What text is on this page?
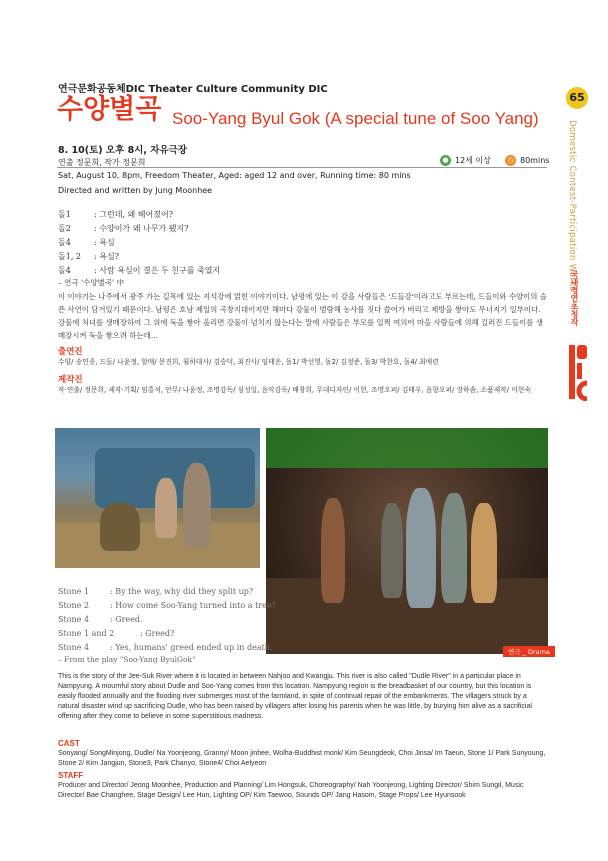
연극문화공동체DIC Theater Culture Community DIC
수양별곡 Soo-Yang Byul Gok (A special tune of Soo Yang)
8. 10(토) 오후 8시, 자유극장
연출 정문희, 작가 정문희	● 12세 이상	◷ 80mins
Sat, August 10, 8pm, Freedom Theater, Aged: aged 12 and over, Running time: 80 mins
Directed and written by Jung Moonhee
돌1	: 그런데, 왜 헤어졌어?
돌2	: 수양이가 왜 나무가 됐지?
돌4	: 욕심
돌1, 2 : 욕심?
돌4	: 사람 욕심이 결은 두 친구를 죽였지
– 연극 '수양별곡' 中
이 이야기는 나주에서 광주 가는 길목에 있는 지석강에 얽힌 이야기이다. 남평에 있는 이 강을 사람들은 '드들강'이라고도 부르는데, 드들이와 수양이의 슬픈 사연이 담겨있기 때문이다. 남평은 호남 제일의 곡창지대이지만 해마다 강물이 범람해 농사를 짓다 쓸어가 버리고 제방을 쌓아도 무너지기 일부이다. 강물에 처녀를 생매장하여 그 위에 둑을 쌓아 올리면 강물이 넘치지 않는다는 말에 사람들은 부모를 일찍 여의어 마을 사람들에 의해 길러진 드들이를 생매장시켜 둑을 쌓으려 하는데…
출연진
수양/ 송민종, 드들/ 나윤정, 할매/ 문진희, 월하대사/ 김승덕, 최진사/ 임태운, 돌1/ 박선영, 돌2/ 김정준, 돌3/ 박찬요, 돌4/ 최애련
제작진
작·연출/ 정문희, 제작·기획/ 임홍석, 안무/ 나윤정, 조명감독/ 심성일, 음악감독/ 배창희, 무대디자인/ 이헌, 조명오퍼/ 김태우, 음향오퍼/ 장하솜, 소품제작/ 이현숙
65
Domestic Contest-Participation Works
국내경연초청작
Stone 1	: By the way, why did they split up?
Stone 2	: How come Soo-Yang turned into a tree?
Stone 4	: Greed.
Stone 1 and 2	: Greed?
Stone 4	: Yes, humans' greed ended up in death.
– From the play "Soo-Yang ByulGok"
연극 _ Drama
This is the story of the Jee-Suk River where it is located in between Nahjoo and Kwangju. This river is also called "Dudle River" in a particular place in Nampyung. A mournful story about Dudle and Soo-Yang comes from this location. Nampyung region is the breadbasket of our country, but this location is easily flooded annually and the flooding river submerges most of the farmland, in spite of continual repair of the embankments. The villagers struck by a natural disaster wind up sacrificing Dudle, who has been raised by villagers after losing his parents when he was little, by burying him alive as a sacrificial offering after they come to believe in some superstitious madness.
CAST
Sooyang/ SongMinjong, Dudle/ Na Yoonjeong, Granny/ Moon jinhee, Wolha-Buddhist monk/ Kim Seungdeok, Choi Jinsa/ Im Taeun, Stone 1/ Park Sunyoung, Stone 2/ Kim Jangjun, Stone3, Park Chanyo, Stone4/ Choi Aelyeon
STAFF
Producer and Director/ Jeong Moonhee, Production and Planning/ Lim Hongsuk, Choreography/ Nah Yoonjeong, Lighting Director/ Shim Sungil, Music Director/ Bae Changhee, Stage Design/ Lee Hun, Lighting OP/ Kim Taewoo, Sounds OP/ Jang Hasom, Stage Props/ Lee Hyunsook
